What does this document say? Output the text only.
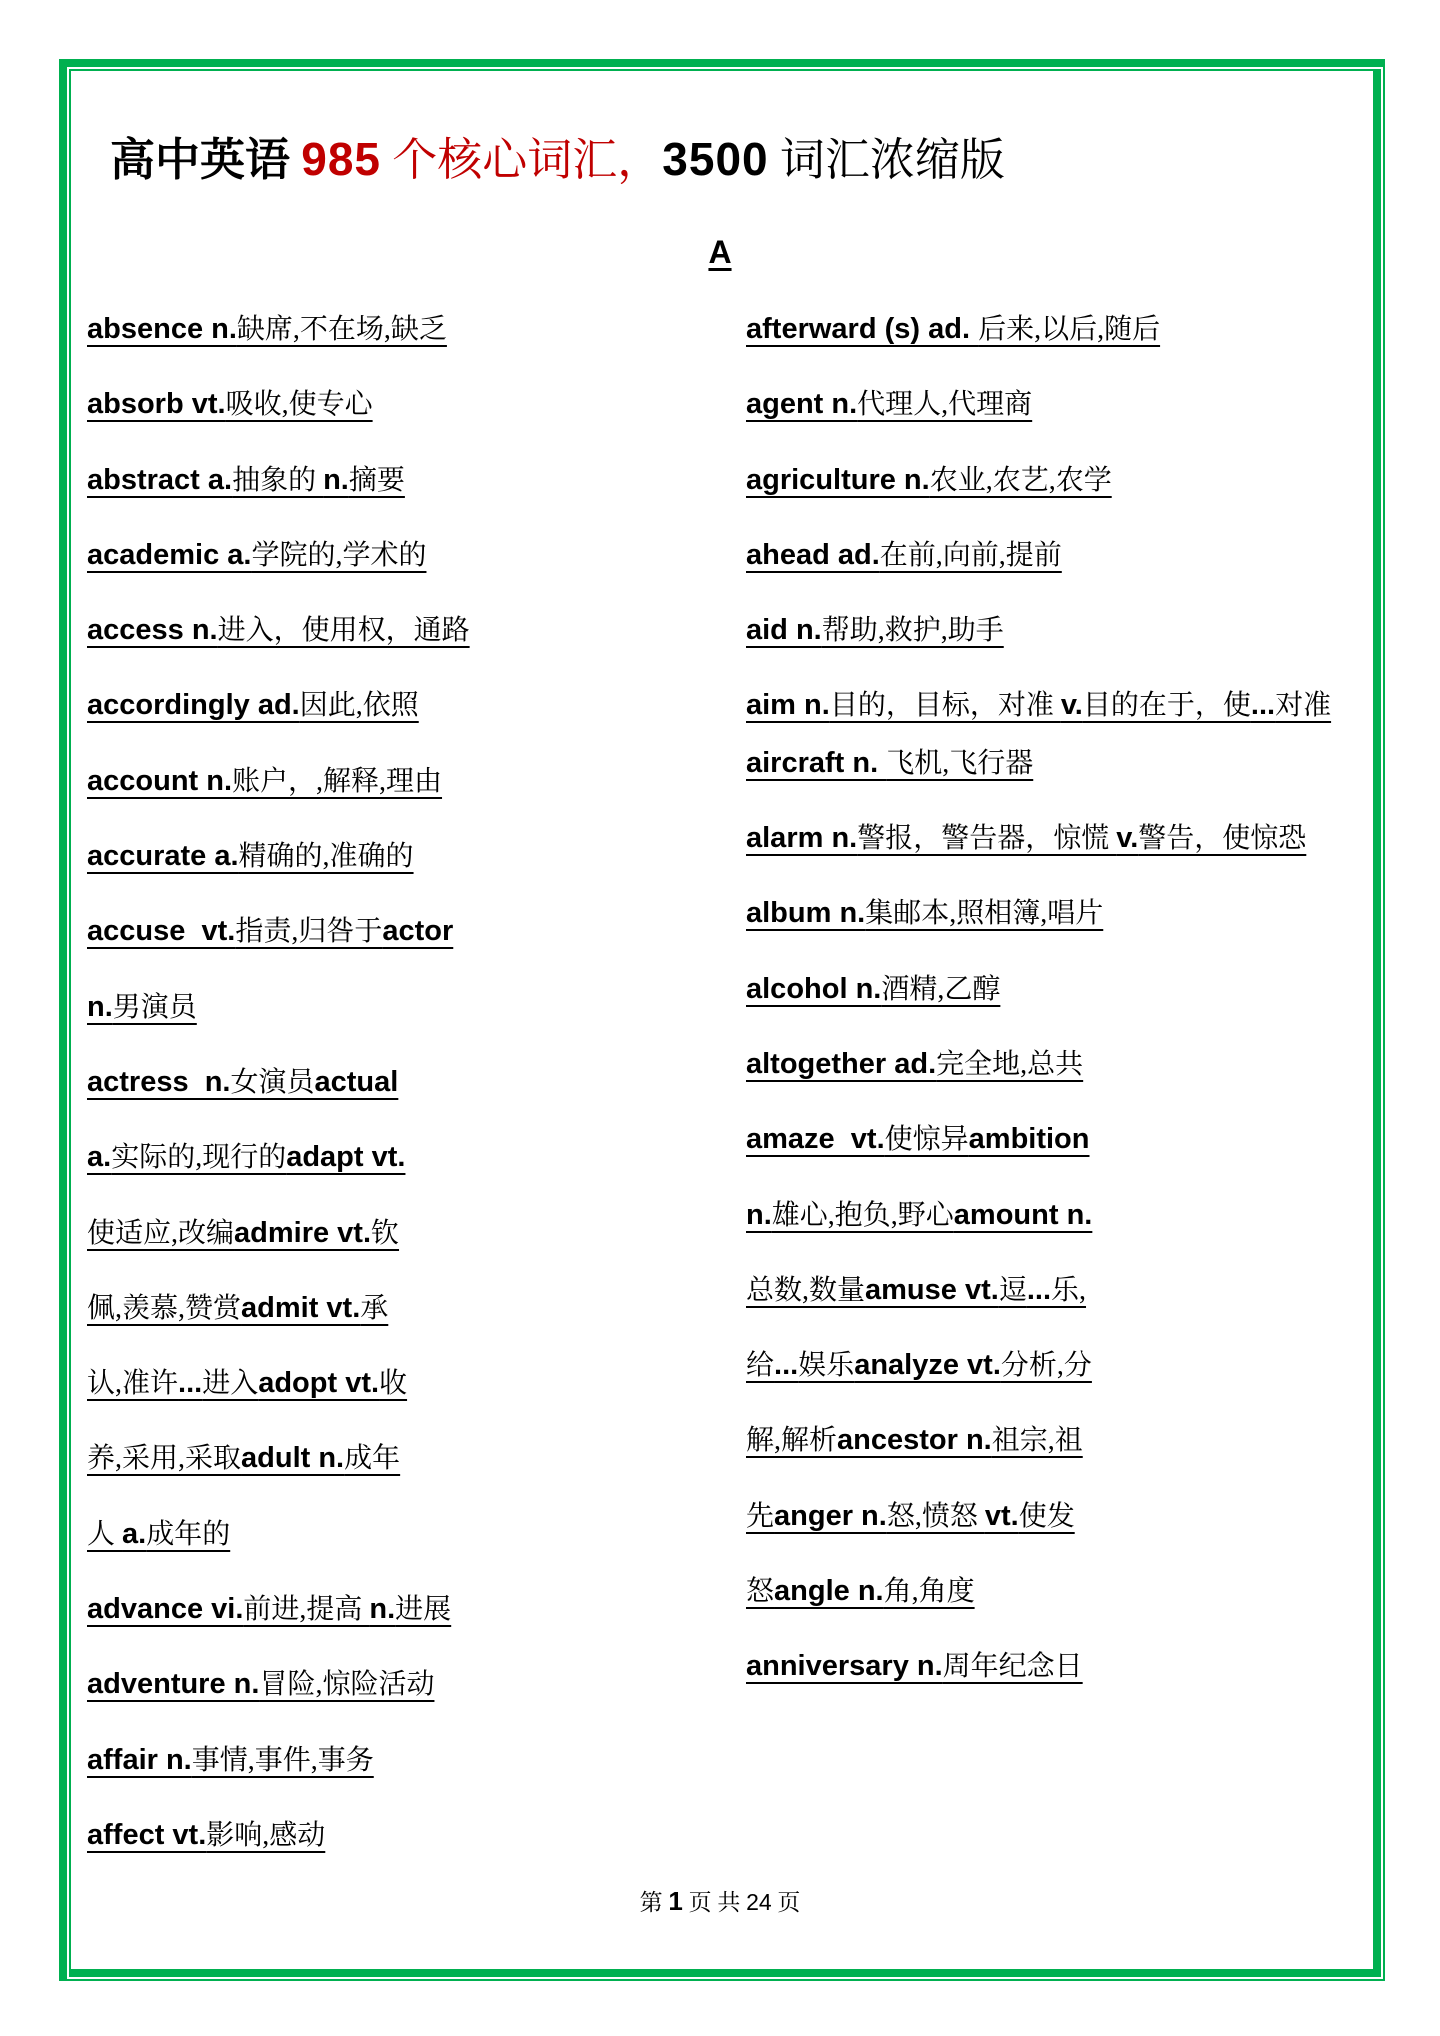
高中英语 985 个核心词汇，3500 词汇浓缩版
A
absence n.缺席,不在场,缺乏
absorb vt.吸收,使专心
abstract a.抽象的 n.摘要
academic a.学院的,学术的
access n.进入，使用权，通路
accordingly ad.因此,依照
account n.账户，,解释,理由
accurate a.精确的,准确的
accuse  vt.指责,归咎于actor
n.男演员
actress  n.女演员actual
a.实际的,现行的adapt vt.
使适应,改编admire vt.钦
佩,羡慕,赞赏admit vt.承
认,准许...进入adopt vt.收
养,采用,采取adult n.成年
人 a.成年的
advance vi.前进,提高 n.进展
adventure n.冒险,惊险活动
affair n.事情,事件,事务
affect vt.影响,感动
afterward (s) ad. 后来,以后,随后
agent n.代理人,代理商
agriculture n.农业,农艺,农学
ahead ad.在前,向前,提前
aid n.帮助,救护,助手
aim n.目的，目标，对准 v.目的在于，使...对准
aircraft n. 飞机,飞行器
alarm n.警报，警告器，惊慌 v.警告，使惊恐
album n.集邮本,照相簿,唱片
alcohol n.酒精,乙醇
altogether ad.完全地,总共
amaze  vt.使惊异ambition
n.雄心,抱负,野心amount n.
总数,数量amuse vt.逗...乐,
给...娱乐analyze vt.分析,分
解,解析ancestor n.祖宗,祖
先anger n.怒,愤怒 vt.使发
怒angle n.角,角度
anniversary n.周年纪念日
第 1 页 共 24 页
